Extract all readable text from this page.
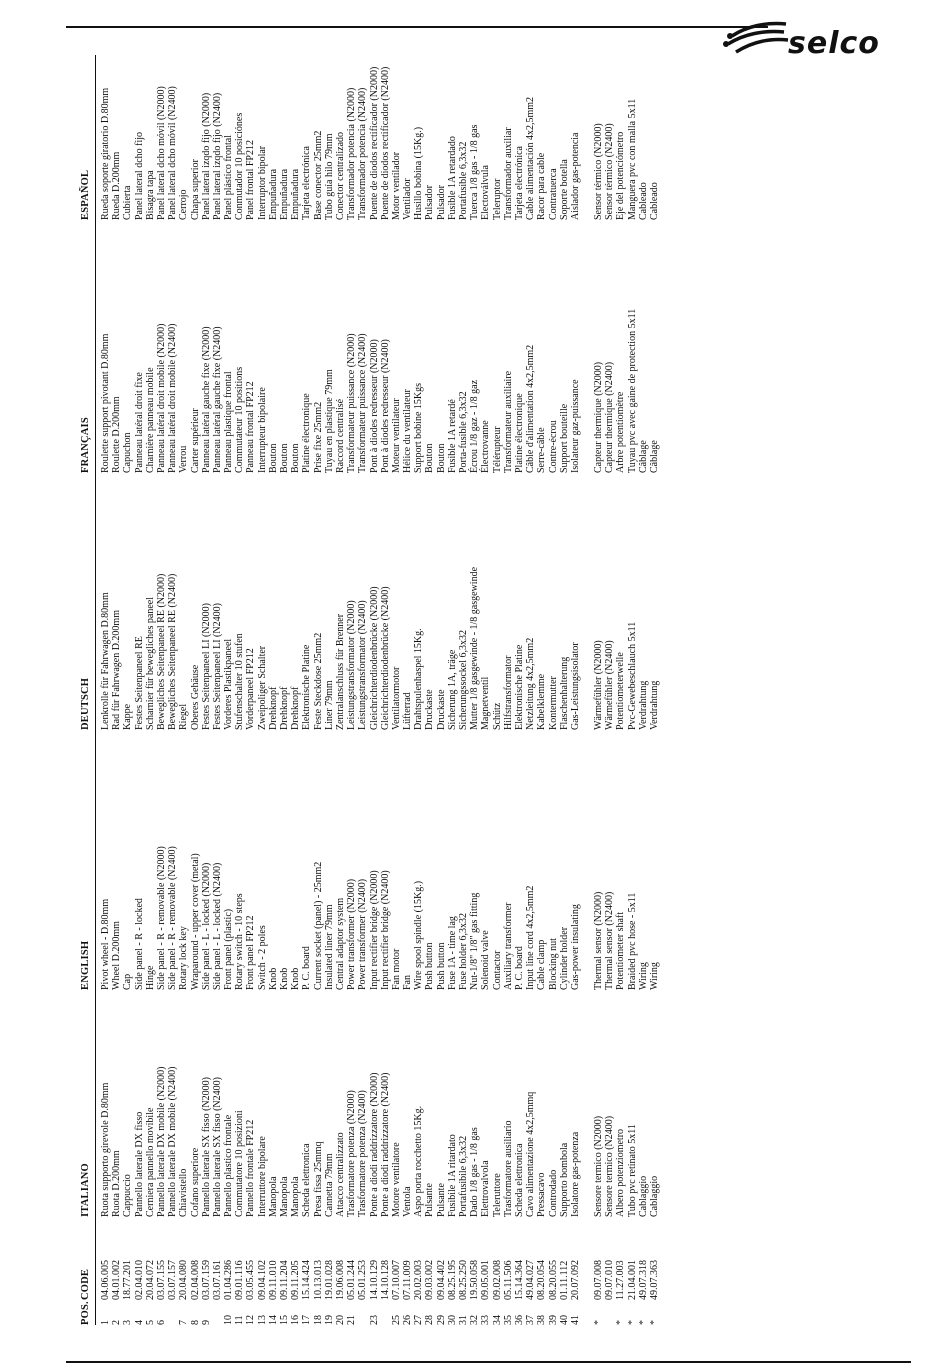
selco
POS.
CODE
ITALIANO
ENGLISH
DEUTSCH
FRANÇAIS
ESPAÑOL
1 2 3 4 5 6 7 8 9 10 11 12 13 14 15 16 17 18 19 20 21 23 25 26 27 28 29 30 31 32 33 34 35 36 37 38 39 40 41 * * * * *
04.06.005 04.01.002 18.77.201 02.04.010 20.04.072 03.07.155 03.07.157 20.04.080 02.04.008 03.07.159 03.07.161 01.04.286 09.01.116 03.05.455 09.04.102 09.11.010 09.11.204 09.11.205 15.14.424 10.13.013 19.01.028 19.06.008 05.01.244 05.01.253 14.10.129 14.10.128 07.10.007 07.11.009 20.02.003 09.03.002 09.04.402 08.25.195 08.25.250 19.50.058 09.05.001 09.02.008 05.11.506 15.14.364 49.04.027 08.20.054 08.20.055 01.11.112 20.07.092 09.07.008 09.07.010 11.27.003 21.04.001 49.07.318 49.07.363
Ruota supporto girevole D.80mm Ruota D.200mm Cappuccio Pannello laterale DX fisso Cerniera pannello movibile Pannello laterale DX mobile (N2000) Pannello laterale DX mobile (N2400) Chiavistello Cofano superiore Pannello laterale SX fisso (N2000) Pannello laterale SX fisso (N2400) Pannello plastico frontale Commutatore 10 posizioni Pannello frontale FP212 Interruttore bipolare Manopola Manopola Manopola Scheda elettronica Presa fissa 25mmq Cannetta 79mm Attacco centralizzato Trasformatore potenza (N2000) Trasformatore potenza (N2400) Ponte a diodi raddrizzatore (N2000) Ponte a diodi raddrizzatore (N2400) Motore ventilatore Ventola Aspo porta rocchetto 15Kg. Pulsante Pulsante Fusibile 1A ritardato Portafusibile 6,3x32 Dado 1/8 gas - 1/8 gas Elettrovalvola Teleruttore Trasformatore ausiliario Scheda elettronica Cavo alimentazione 4x2,5mmq Pressacavo Controdado Supporto bombola Isolatore gas-potenza Sensore termico (N2000) Sensore termico (N2400) Albero potenziometro Tubo pvc retinato 5x11 Cablaggio Cablaggio
Pivot wheel - D.80mm Wheel D.200mm Cap Side panel - R - locked Hinge Side panel - R - removable (N2000) Side panel - R - removable (N2400) Rotary lock key Wraparound - upper cover (metal) Side panel - L - locked (N2000) Side panel - L - locked (N2400) Front panel (plastic) Rotary switch - 10 steps Front panel FP212 Switch - 2 poles Knob Knob Knob P. C. board Current socket (panel) - 25mm2 Insulated liner 79mm Central adaptor system Power transformer (N2000) Power transformer (N2400) Input rectifier bridge (N2000) Input rectifier bridge (N2400) Fan motor Fan Wire spool spindle (15Kg.) Push button Push button Fuse 1A - time lag Fuse holder 6,3x32 Nut-1/8" 1/8" gas fitting Solenoid valve Contactor Auxiliary transformer P. C. board Input line cord 4x2,5mm2 Cable clamp Blocking nut Cylinder holder Gas-power insulating Thermal sensor (N2000) Thermal sensor (N2400) Potentiometer shaft Braided pvc hose - 5x11 Wiring Wiring
Lenkrolle für Fahrwagen D.80mm Rad für Fahrwagen D.200mm Kappe Festes Seitenpaneel RE Scharnier für bewegliches paneel Bewegliches Seitenpaneel RE (N2000) Bewegliches Seitenpaneel RE (N2400) Riegel Oberes Gehäuse Festes Seitenpaneel LI (N2000) Festes Seitenpaneel LI (N2400) Vorderes Plastikpaneel Stufenschalter 10 stufen Vorderpaneel FP212 Zweipoliger Schalter Drehknopf Drehknopf Drehknopf Elektronische Platine Feste Steckdose 25mm2 Liner 79mm Zentralanschluss für Brenner Leistungstransformator (N2000) Leistungstransformator (N2400) Gleichrichterdiodenbrücke (N2000) Gleichrichterdiodenbrücke (N2400) Ventilatormotor Lüfterrad Drahtspulenhaspel 15Kg. Druckaste Druckaste Sicherung 1A, träge Sicherungssockel 6,3x32 Mutter 1/8 gasgewinde - 1/8 gasgewinde Magnetventil Schütz Hilfstransformator Elektronische Platine Netzleitung 4x2,5mm2 Kabelklemme Kontermutter Flaschenhalterung Gas-Leistungsisolator Wärmefühler (N2000) Wärmefühler (N2400) Potentiometerwelle Pvc-Gewebeschlauch 5x11 Verdrahtung Verdrahtung
Roulette support pivotant D.80mm Roulette D.200mm Capuchon Panneau latéral droit fixe Charnière panneau mobile Panneau latéral droit mobile (N2000) Panneau latéral droit mobile (N2400) Verrou Carter supérieur Panneau latéral gauche fixe (N2000) Panneau latéral gauche fixe (N2400) Panneau plastique frontal Commutateur 10 positions Panneau frontal FP212 Interrupteur bipolaire Bouton Bouton Bouton Platine électronique Prise fixe 25mm2 Tuyau en plastique 79mm Raccord centralisé Transformateur puissance (N2000) Transformateur puissance (N2400) Pont à diodes redresseur (N2000) Pont à diodes redresseur (N2400) Moteur ventilateur Hélice du ventilateur Support bobine 15Kgs Bouton Bouton Fusible 1A retardé Porta-fusible 6,3x32 Écrou 1/8 gaz - 1/8 gaz Électrovanne Télérupteur Transformateur auxiliaire Platine électronique Câble d'alimentation 4x2,5mm2 Serre-câble Contre-écrou Support bouteille Isolateur gaz-puissance Capteur thermique (N2000) Capteur thermique (N2400) Arbre potentiomètre Tuyau pvc avec gaine de protection 5x11 Câblage Câblage
Rueda soporte giratorio D.80mm Rueda D.200mm Cubierta Panel lateral dcho fijo Bisagra tapa Panel lateral dcho móvil (N2000) Panel lateral dcho móvil (N2400) Cerrojo Chapa superior Panel lateral izqdo fijo (N2000) Panel lateral izqdo fijo (N2400) Panel plástico frontal Conmutador 10 posiciónes Panel frontal FP212 Interruptor bipolar Empuñadura Empuñadura Empuñadura Tarjeta electrónica Base conector 25mm2 Tubo guía hilo 79mm Conector centralizado Transformador potencia (N2000) Transformador potencia (N2400) Puente de diodos rectificador (N2000) Puente de diodos rectificador (N2400) Motor ventilador Ventilador Husillo bobina (15Kg.) Pulsador Pulsador Fusible 1A retardado Portafusible 6,3x32 Tuerca 1/8 gas - 1/8 gas Electoválvula Teleruptor Transformador auxiliar Tarjeta electrónica Cable alimentación 4x2,5mm2 Racor para cable Contratuerca Soporte botella Aislador gas-potencia Sensor térmico (N2000) Sensor térmico (N2400) Eje del potenciómetro Manguera pvc con malla 5x11 Cableado Cableado
